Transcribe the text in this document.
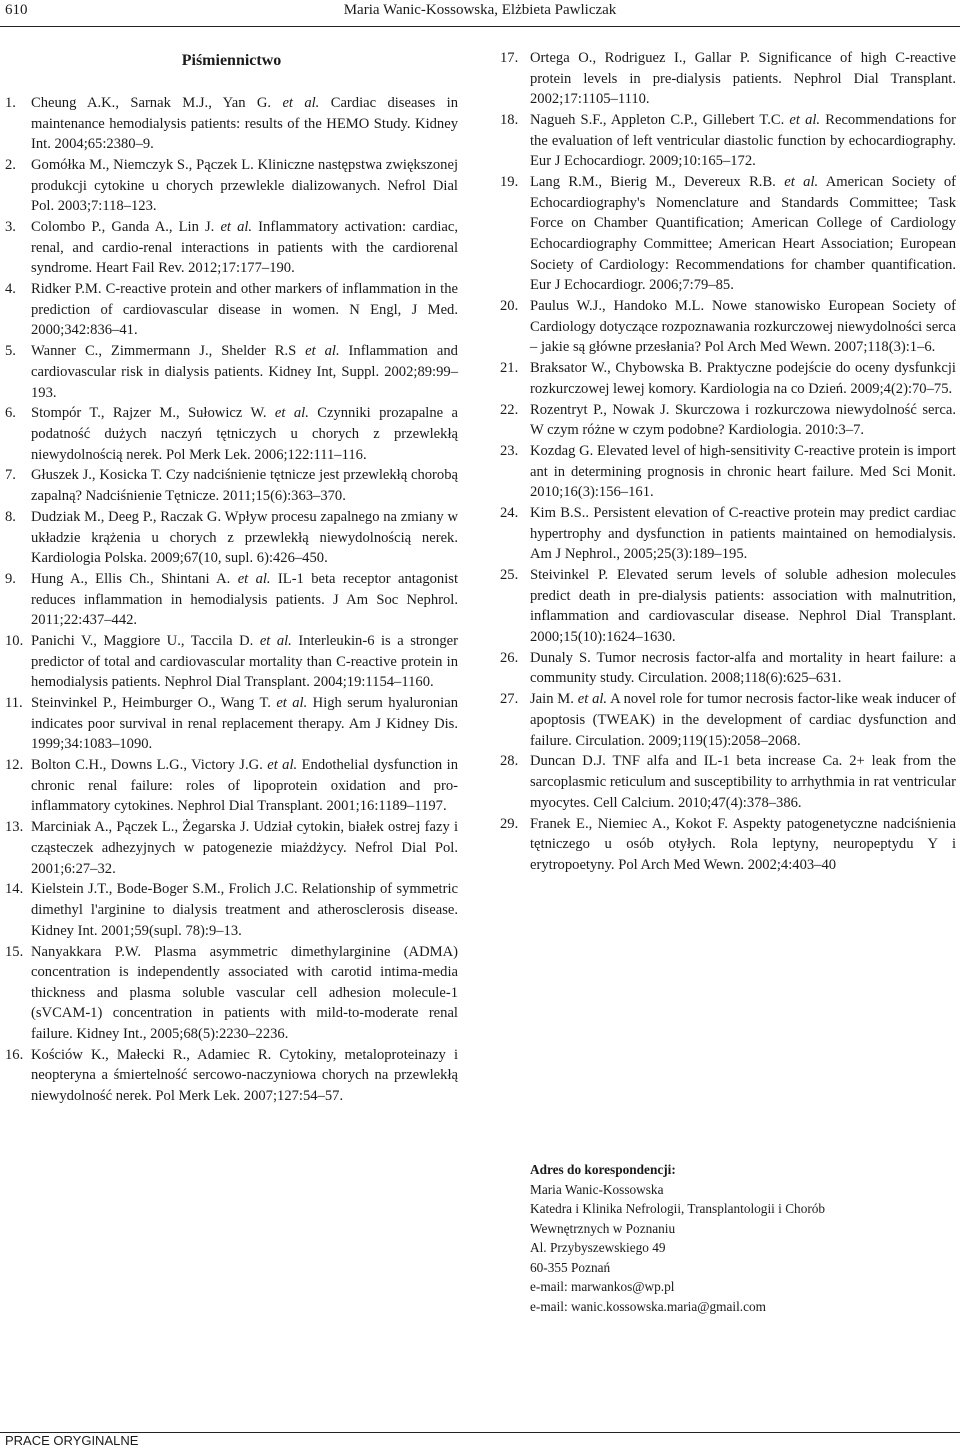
610	Maria Wanic-Kossowska, Elżbieta Pawliczak
Piśmiennictwo
1.	Cheung A.K., Sarnak M.J., Yan G. et al. Cardiac diseases in maintenance hemodialysis patients: results of the HEMO Study. Kidney Int. 2004;65:2380–9.
2.	Gomółka M., Niemczyk S., Pączek L. Kliniczne następstwa zwiększonej produkcji cytokine u chorych przewlekle dializowanych. Nefrol Dial Pol. 2003;7:118–123.
3.	Colombo P., Ganda A., Lin J. et al. Inflammatory activation: cardiac, renal, and cardio-renal interactions in patients with the cardiorenal syndrome. Heart Fail Rev. 2012;17:177–190.
4.	Ridker P.M. C-reactive protein and other markers of inflammation in the prediction of cardiovascular disease in women. N Engl, J Med. 2000;342:836–41.
5.	Wanner C., Zimmermann J., Shelder R.S et al. Inflammation and cardiovascular risk in dialysis patients. Kidney Int, Suppl. 2002;89:99–193.
6.	Stompór T., Rajzer M., Sułowicz W. et al. Czynniki prozapalne a podatność dużych naczyń tętniczych u chorych z przewlekłą niewydolnością nerek. Pol Merk Lek. 2006;122:111–116.
7.	Głuszek J., Kosicka T. Czy nadciśnienie tętnicze jest przewlekłą chorobą zapalną? Nadciśnienie Tętnicze. 2011;15(6):363–370.
8.	Dudziak M., Deeg P., Raczak G. Wpływ procesu zapalnego na zmiany w układzie krążenia u chorych z przewlekłą niewydolnością nerek. Kardiologia Polska. 2009;67(10, supl. 6):426–450.
9.	Hung A., Ellis Ch., Shintani A. et al. IL-1 beta receptor antagonist reduces inflammation in hemodialysis patients. J Am Soc Nephrol. 2011;22:437–442.
10. Panichi V., Maggiore U., Taccila D. et al. Interleukin-6 is a stronger predictor of total and cardiovascular mortality than C-reactive protein in hemodialysis patients. Nephrol Dial Transplant. 2004;19:1154–1160.
11. Steinvinkel P., Heimburger O., Wang T. et al. High serum hyaluronian indicates poor survival in renal replacement therapy. Am J Kidney Dis. 1999;34:1083–1090.
12. Bolton C.H., Downs L.G., Victory J.G. et al. Endothelial dysfunction in chronic renal failure: roles of lipoprotein oxidation and pro-inflammatory cytokines. Nephrol Dial Transplant. 2001;16:1189–1197.
13. Marciniak A., Pączek L., Żegarska J. Udział cytokin, białek ostrej fazy i cząsteczek adhezyjnych w patogenezie miażdżycy. Nefrol Dial Pol. 2001;6:27–32.
14. Kielstein J.T., Bode-Boger S.M., Frolich J.C. Relationship of symmetric dimethyl l'arginine to dialysis treatment and atherosclerosis disease. Kidney Int. 2001;59(supl. 78):9–13.
15. Nanyakkara P.W. Plasma asymmetric dimethylarginine (ADMA) concentration is independently associated with carotid intima-media thickness and plasma soluble vascular cell adhesion molecule-1 (sVCAM-1) concentration in patients with mild-to-moderate renal failure. Kidney Int., 2005;68(5):2230–2236.
16. Kościów K., Małecki R., Adamiec R. Cytokiny, metaloproteinazy i neopteryna a śmiertelność sercowo-naczyniowa chorych na przewlekłą niewydolność nerek. Pol Merk Lek. 2007;127:54–57.
17. Ortega O., Rodriguez I., Gallar P. Significance of high C-reactive protein levels in pre-dialysis patients. Nephrol Dial Transplant. 2002;17:1105–1110.
18. Nagueh S.F., Appleton C.P., Gillebert T.C. et al. Recommendations for the evaluation of left ventricular diastolic function by echocardiography. Eur J Echocardiogr. 2009;10:165–172.
19. Lang R.M., Bierig M., Devereux R.B. et al. American Society of Echocardiography's Nomenclature and Standards Committee; Task Force on Chamber Quantification; American College of Cardiology Echocardiography Committee; American Heart Association; European Society of Cardiology: Recommendations for chamber quantification. Eur J Echocardiogr. 2006;7:79–85.
20. Paulus W.J., Handoko M.L. Nowe stanowisko European Society of Cardiology dotyczące rozpoznawania rozkurczowej niewydolności serca – jakie są główne przesłania? Pol Arch Med Wewn. 2007;118(3):1–6.
21. Braksator W., Chybowska B. Praktyczne podejście do oceny dysfunkcji rozkurczowej lewej komory. Kardiologia na co Dzień. 2009;4(2):70–75.
22. Rozentryt P., Nowak J. Skurczowa i rozkurczowa niewydolność serca. W czym różne w czym podobne? Kardiologia. 2010:3–7.
23. Kozdag G. Elevated level of high-sensitivity C-reactive protein is import ant in determining prognosis in chronic heart failure. Med Sci Monit. 2010;16(3):156–161.
24. Kim B.S.. Persistent elevation of C-reactive protein may predict cardiac hypertrophy and dysfunction in patients maintained on hemodialysis. Am J Nephrol., 2005;25(3):189–195.
25. Steivinkel P. Elevated serum levels of soluble adhesion molecules predict death in pre-dialysis patients: association with malnutrition, inflammation and cardiovascular disease. Nephrol Dial Transplant. 2000;15(10):1624–1630.
26. Dunaly S. Tumor necrosis factor-alfa and mortality in heart failure: a community study. Circulation. 2008;118(6):625–631.
27. Jain M. et al. A novel role for tumor necrosis factor-like weak inducer of apoptosis (TWEAK) in the development of cardiac dysfunction and failure. Circulation. 2009;119(15):2058–2068.
28. Duncan D.J. TNF alfa and IL-1 beta increase Ca. 2+ leak from the sarcoplasmic reticulum and susceptibility to arrhythmia in rat ventricular myocytes. Cell Calcium. 2010;47(4):378–386.
29. Franek E., Niemiec A., Kokot F. Aspekty patogenetyczne nadciśnienia tętniczego u osób otyłych. Rola leptyny, neuropeptydu Y i erytropoetyny. Pol Arch Med Wewn. 2002;4:403–40
Adres do korespondencji:
Maria Wanic-Kossowska
Katedra i Klinika Nefrologii, Transplantologii i Chorób
Wewnętrznych w Poznaniu
Al. Przybyszewskiego 49
60-355 Poznań
e-mail: marwankos@wp.pl
e-mail: wanic.kossowska.maria@gmail.com
PRACE ORYGINALNE
